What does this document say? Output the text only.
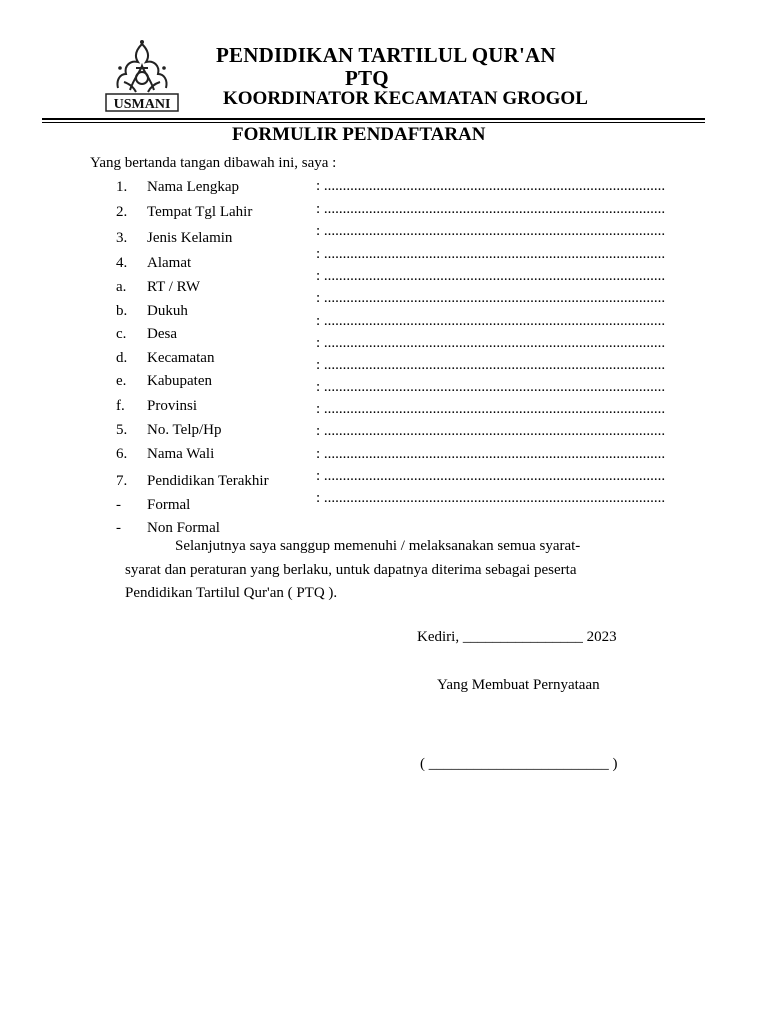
USMANI
PENDIDIKAN TARTILUL QUR'AN
PTQ
KOORDINATOR KECAMATAN GROGOL
FORMULIR PENDAFTARAN
Yang bertanda tangan dibawah ini, saya :
1. Nama Lengkap
2. Tempat Tgl Lahir
3. Jenis Kelamin
4. Alamat
a. RT / RW
b. Dukuh
c. Desa
d. Kecamatan
e. Kabupaten
f. Provinsi
5. No. Telp/Hp
6. Nama Wali
7. Pendidikan Terakhir
- Formal
- Non Formal
: ...........................................................................................
: ...........................................................................................
: ...........................................................................................
: ...........................................................................................
: ...........................................................................................
: ...........................................................................................
: ...........................................................................................
: ...........................................................................................
: ...........................................................................................
: ...........................................................................................
: ...........................................................................................
: ...........................................................................................
: ...........................................................................................
: ...........................................................................................
: ...........................................................................................
Selanjutnya saya sanggup memenuhi / melaksanakan semua syarat-
syarat dan peraturan yang berlaku, untuk dapatnya diterima sebagai peserta
Pendidikan Tartilul Qur'an ( PTQ ).
Kediri, ________________ 2023
Yang Membuat Pernyataan
( ________________________ )
